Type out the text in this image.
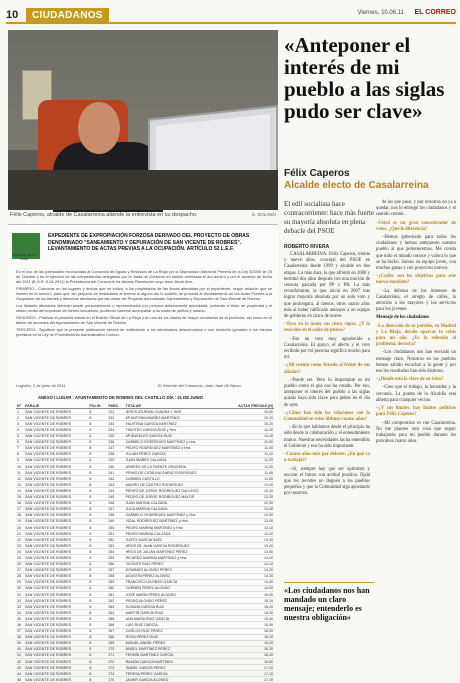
10	CIUDADANOS	Viernes, 10.06.11 EL CORREO
Félix Caperos, alcalde de Casalarreina atiende la entrevista en su despacho.	S. SOLANO
«Anteponer el interés de mi pueblo a las siglas pudo ser clave»
Félix Caperos
Alcalde electo de Casalarreina
El edil socialista hace contracorriente: hace más fuerte su mayoría absoluta en plena debacle del PSOE
ROBERTO RIVERA

CASALARREINA. Félix Caperos, treinta y nueve años, concejal del PSOE en Casalarreina desde 1999 y alcalde en dos etapas. La más dura, la que afrontó en 2000 y terminó dos años después con una moción de censura pactada por PP y PR. La más reconfortante, la que inició en 2007 tras lograr mayoría absoluta por un solo voto y que prolongará, al menos, otros cuatro años más al haber ratificado anteayer a un equipo de gobierno en cinco de nueve.

–Tuvo en la mano sus cinco vigías. ¿Y la reacción en el salón de plenos?

–Fue un voto muy agradecido a Casalarreina. El apoyo, el afecto y el voto recibido por mi persona significa mucho para mí.

–¿Mi cuenta como Arnedo al frente de sus aliados?

–Puede ser. Pero lo importante es mi pueblo como el que nos ha votado. Por eso, anteponer el interés del pueblo a las siglas quizás haya sido clave para pelear en el día de ayer.

–¿Cómo han sido las relaciones con la Comunidad en estos últimos cuatro años?

–En lo que hablamos desde el principio ha sido desde la colaboración y el entendimiento mutuo. Nuestras necesidades las ha entendido el Gobierno y eso ha sido importante.

–Cuatro años más por delante. ¿En qué va a trabajar?

–Sí, siempre hay que ser optimista y encarar el futuro con actitud positiva. Ojalá que los recortes no lleguen a los pueblos pequeños y que la Comunidad siga apostando por nosotros.

de las que puso, y por nosotros no ya a quedar, nos lo entregó los ciudadanos y el sentido común.

–Usted es un gran concentrador de votos. ¿Qué le diferencia?

–Hemos gobernado para todos los ciudadanos y hemos antepuesto nuestro pueblo al que pertenecemos. Me consta que todo el mundo conoce y valora lo que se ha hecho. Somos un equipo joven, con muchas ganas y con proyectos nuevos.

–¿Cuáles son los objetivos para este nuevo mandato?

–La defensa de los intereses de Casalarreina, el arreglo de calles, la atención a los mayores y los servicios para los jóvenes.

Mensaje de los ciudadanos

–La dirección de su partido, en Madrid y La Rioja, decide aparcar la crisis para un año. ¿Es la solución al problema, decisiva?

–Los ciudadanos nos han enviado un mensaje claro. Nosotros en los pueblos hemos sabido escuchar a la gente y por eso los resultados han sido distintos.

–¿Dónde está la clave de su éxito?

–Creo que el trabajo, la honradez y la cercanía. La puerta de la Alcaldía está abierta para cualquier vecino.

–¿Y sus límites, hay límites políticos para Félix Caperos?

–Mi compromiso es con Casalarreina. No me planteo otra cosa que seguir trabajando para mi pueblo durante los próximos cuatro años.

«Los ciudadanos nos han mandado un claro mensaje; entenderlo es nuestra obligación»
Gobierno de La Rioja
EXPEDIENTE DE EXPROPIACIÓN FORZOSA DERIVADO DEL PROYECTO DE OBRAS DENOMINADO "SANEAMIENTO Y DEPURACIÓN DE SAN VICENTE DE ROBRES". LEVANTAMIENTO DE ACTAS PREVIAS A LA OCUPACIÓN. ARTÍCULO 52 L.E.F.

En el uso de las potestades reconocidas al Consorcio de Aguas y Residuos de La Rioja por la Disposición Adicional Primera de la Ley 5/2000 de 25 de Octubre y en el ejercicio de las competencias delegadas por la Junta de Gobierno en sesión celebrada el día tercero y por el acuerdo de fecha del 2011 (B.O.R. 5-04-2011) la Presidencia del Consorcio ha dictado Resolución cuyo tenor literal dice:

PRIMERO.- Convocar en los lugares y fechas que se indica, a los propietarios de las fincas afectadas por el expediente, según relación que se inserta en el anexo I, para que, sin perjuicio de trasladarse al terreno si alguno así lo solicita, se proceda al levantamiento de las Actas Previas a la Ocupación de los bienes y derechos afectados por las obras del Proyecto denominado Saneamiento y Depuración de San Vicente de Robres.

Los titulares afectados deberán acudir personalmente o representados por persona debidamente autorizada, portando el título de propiedad y el último recibo del impuesto de bienes inmuebles, pudiendo hacerse acompañar a su costa de peritos y notario.

SEGUNDO.- Publicar el presente edicto en el Boletín Oficial de La Rioja y en uno de los diarios de mayor circulación de la provincia, así como en el tablón de anuncios del Ayuntamiento de San Vicente de Robres.

TERCERO.- Significar que la presente publicación servirá de notificación a los interesados desconocidos o con domicilio ignorado a los efectos previstos en la Ley de Procedimiento Administrativo Común.

Logroño, 2 de junio de 2011	El Gerente del Consorcio, Juan José Gil Barco
ANEXO I LUGAR : AYUNTAMIENTO DE ROBRES DEL CASTILLO DÍA : 21 DE JUNIO
Nº	PARAJE	POLIG.	PARC.	TITULAR	ACTAS PREVIAS (H)
1	SAN VICENTE DE ROBRES	8	231	JESÚS ATURAIN CUADRA Y HNS	10,00
2	SAN VICENTE DE ROBRES	8	232	Mª ANTONIA IBAÑEZ MARTÍNEZ	10,10
3	SAN VICENTE DE ROBRES	8	233	FAUSTINA GARCÍA MARTÍNEZ	10,20
4	SAN VICENTE DE ROBRES	8	234	TIMOTEO GARCÍA RUIZ y Hns	10,30
5	SAN VICENTE DE ROBRES	8	235	Mª ÁNGELES GARCÍA RUIZ	10,40
6	SAN VICENTE DE ROBRES	8	236	CARMELO RODRÍGUEZ MARTÍNEZ y Hns	10,50
7	SAN VICENTE DE ROBRES	8	237	PEDRO RODRÍGUEZ MARTÍNEZ y Hns	11,00
8	SAN VICENTE DE ROBRES	8	238	JULIÁN PÉREZ GARCÍA	11,10
9	SAN VICENTE DE ROBRES	8	239	JUAN IBAÑEZ CALZADA	11,20
10	SAN VICENTE DE ROBRES	8	240	ANDRÉS DE LA FUENTE GRAGERA	11,30
11	SAN VICENTE DE ROBRES	8	241	PRIMO DE CATALINA SAENZ RODRÍGUEZ	11,40
12	SAN VICENTE DE ROBRES	8	242	CARMEN CASTILLO	11,50
13	SAN VICENTE DE ROBRES	8	243	MAURO DE CASTRO RODRÍGUEZ	12,00
14	SAN VICENTE DE ROBRES	8	244	PEDRO DE JORGE RODRÍGUEZ GALLEGO	12,10
15	SAN VICENTE DE ROBRES	8	245	PEDRO DE JORGE RODRÍGUEZ MAYOR	12,20
16	SAN VICENTE DE ROBRES	8	246	JUAN MARINA CALZADA	12,30
17	SAN VICENTE DE ROBRES	8	247	JULIA MARINA CALZADA	12,40
18	SAN VICENTE DE ROBRES	8	248	CARMELO RODRÍGUEZ MARTÍNEZ y Hns	12,50
19	SAN VICENTE DE ROBRES	8	249	VIDAL RODRÍGUEZ MARTÍNEZ y Hns	13,00
20	SAN VICENTE DE ROBRES	8	250	PEDRO MARINA MARTÍNEZ y Hns	13,10
21	SAN VICENTE DE ROBRES	8	251	PEDRO MARINA CALZADA	13,20
22	SAN VICENTE DE ROBRES	8	252	JUSTO GARCÍA SAEZ	13,30
23	SAN VICENTE DE ROBRES	8	253	HROS DE JUAN GARCÍA RODRÍGUEZ	13,40
24	SAN VICENTE DE ROBRES	8	254	HROS DE JULIÁN MARTÍNEZ PÉREZ	13,50
25	SAN VICENTE DE ROBRES	8	255	RICARDO MARINA MARTÍNEZ y Hns	14,00
26	SAN VICENTE DE ROBRES	8	256	VICENTE RUIZ PÉREZ	14,10
27	SAN VICENTE DE ROBRES	8	257	DOMINGO ALONSO PÉREZ	14,20
28	SAN VICENTE DE ROBRES	8	258	AGUSTÍN PÉREZ ALONSO	14,30
29	SAN VICENTE DE ROBRES	8	259	FRANCISCO ALONSO GARCÍA	14,40
30	SAN VICENTE DE ROBRES	8	260	CARMEN PÉREZ ALONSO	14,50
31	SAN VICENTE DE ROBRES	8	261	JOSÉ MARÍA PÉREZ ALONSO	15,00
32	SAN VICENTE DE ROBRES	8	262	PEDRO ALONSO PÉREZ	15,10
33	SAN VICENTE DE ROBRES	8	263	SUSANA GARCÍA RUIZ	15,20
34	SAN VICENTE DE ROBRES	8	264	MARTÍN GARCÍA RUIZ	15,30
35	SAN VICENTE DE ROBRES	8	265	ANA MARÍA RUIZ GARCÍA	15,40
36	SAN VICENTE DE ROBRES	8	266	LUIS RUIZ GARCÍA	15,50
37	SAN VICENTE DE ROBRES	8	267	CARLOS RUIZ PÉREZ	16,00
38	SAN VICENTE DE ROBRES	8	268	ROSA PÉREZ RUIZ	16,10
39	SAN VICENTE DE ROBRES	8	269	MIGUEL ÁNGEL PÉREZ	16,20
40	SAN VICENTE DE ROBRES	8	270	ÁNGEL MARTÍNEZ PÉREZ	16,30
41	SAN VICENTE DE ROBRES	8	271	FERMÍN MARTÍNEZ GARCÍA	16,40
42	SAN VICENTE DE ROBRES	8	272	RAMÓN GARCÍA MARTÍNEZ	16,50
43	SAN VICENTE DE ROBRES	8	273	ISABEL GARCÍA PÉREZ	17,00
44	SAN VICENTE DE ROBRES	8	274	TERESA PÉREZ GARCÍA	17,10
45	SAN VICENTE DE ROBRES	8	275	JAVIER GARCÍA ALONSO	17,20
